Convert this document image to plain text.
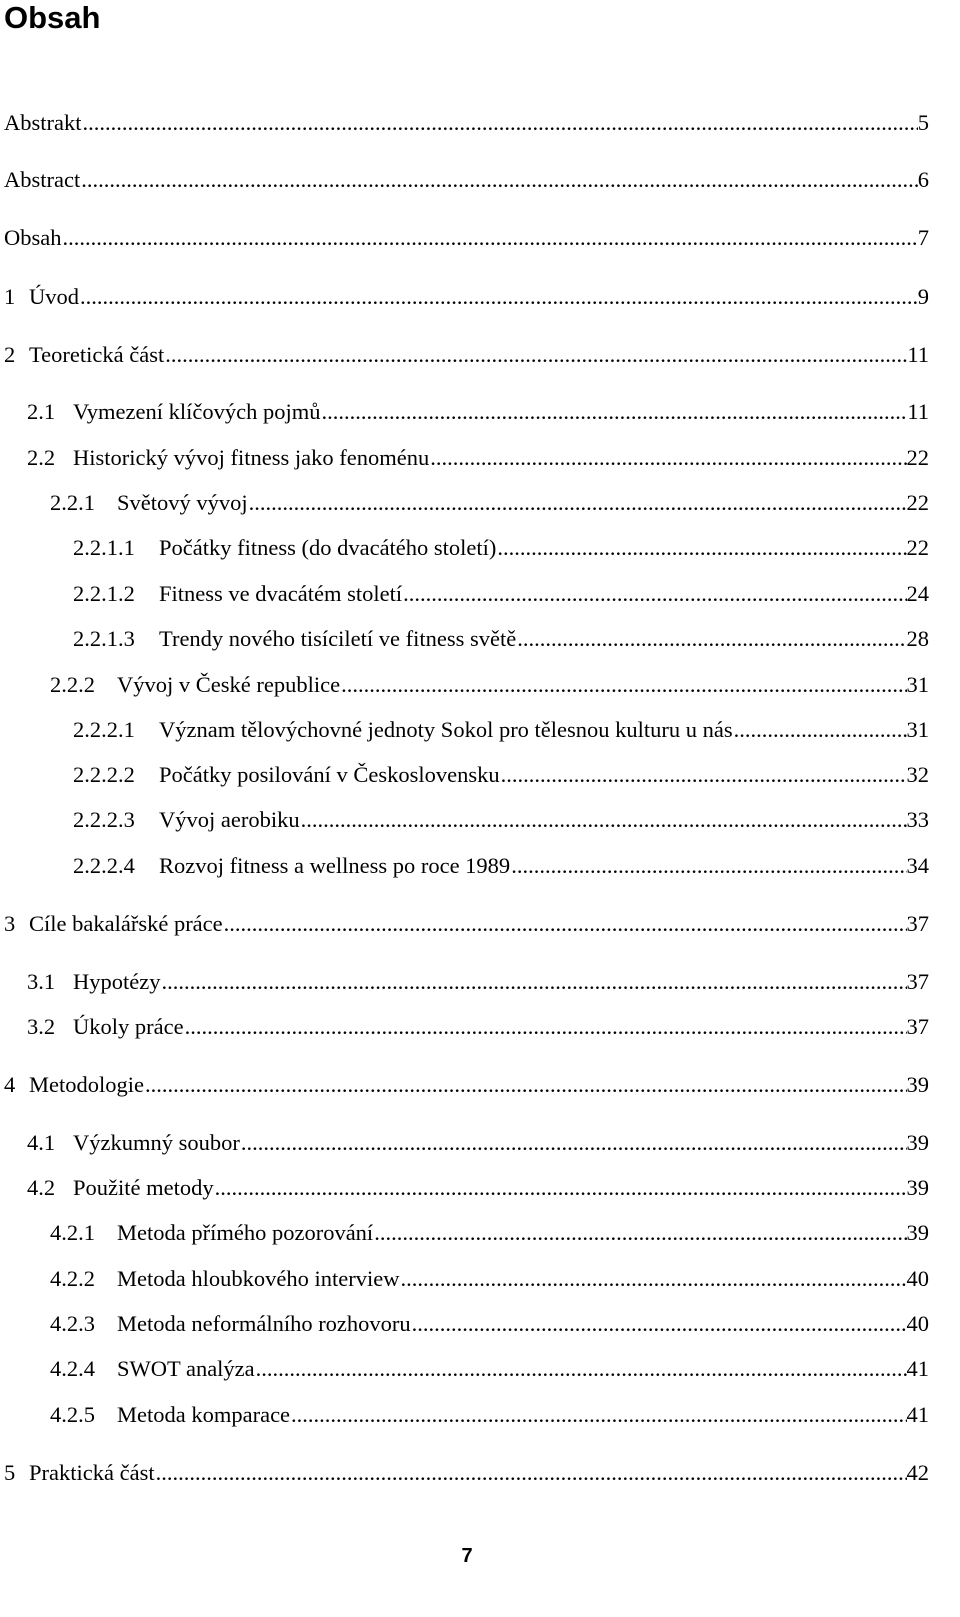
Obsah
Abstrakt .....	5
Abstract .....	6
Obsah .....	7
1 Úvod .....	9
2 Teoretická část .....	11
2.1 Vymezení klíčových pojmů .....	11
2.2 Historický vývoj fitness jako fenoménu .....	22
2.2.1 Světový vývoj .....	22
2.2.1.1	Počátky fitness (do dvacátého století) .....	22
2.2.1.2	Fitness ve dvacátém století .....	24
2.2.1.3	Trendy nového tisíciletí ve fitness světě .....	28
2.2.2 Vývoj v České republice .....	31
2.2.2.1	Význam tělovýchovné jednoty Sokol pro tělesnou kulturu u nás .....	31
2.2.2.2	Počátky posilování v Československu .....	32
2.2.2.3	Vývoj aerobiku .....	33
2.2.2.4	Rozvoj fitness a wellness po roce 1989 .....	34
3 Cíle bakalářské práce .....	37
3.1 Hypotézy .....	37
3.2 Úkoly práce .....	37
4 Metodologie .....	39
4.1 Výzkumný soubor .....	39
4.2 Použité metody .....	39
4.2.1 Metoda přímého pozorování .....	39
4.2.2 Metoda hloubkového interview .....	40
4.2.3 Metoda neformálního rozhovoru .....	40
4.2.4 SWOT analýza .....	41
4.2.5 Metoda komparace .....	41
5 Praktická část .....	42
7
